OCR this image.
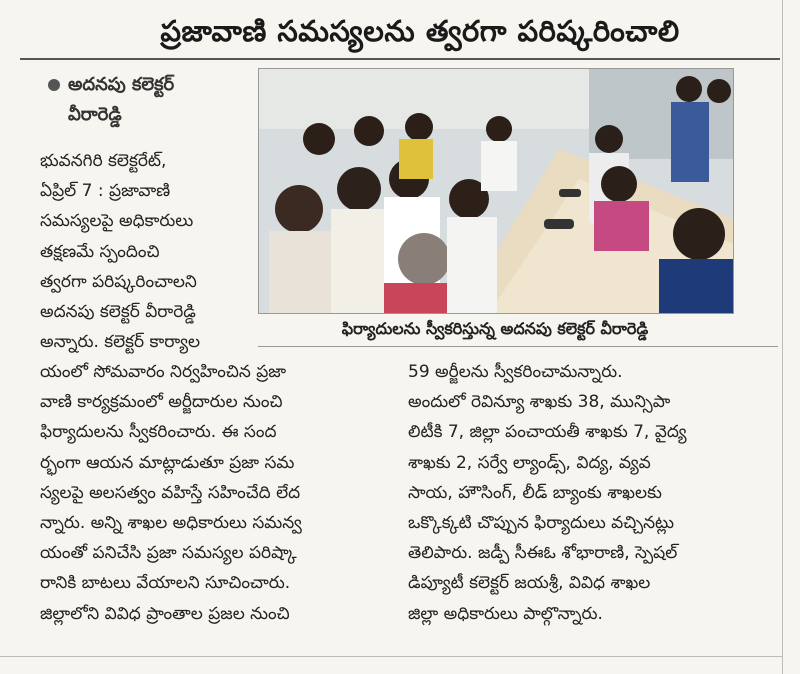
ప్రజావాణి సమస్యలను త్వరగా పరిష్కరించాలి
అదనపు కలెక్టర్
వీరారెడ్డి
భువనగిరి కలెక్టరేట్,
ఏప్రిల్ 7 : ప్రజావాణి
సమస్యలపై అధికారులు
తక్షణమే స్పందించి
త్వరగా పరిష్కరించాలని
అదనపు కలెక్టర్ వీరారెడ్డి
అన్నారు. కలెక్టర్ కార్యాల
ఫిర్యాదులను స్వీకరిస్తున్న అదనపు కలెక్టర్ వీరారెడ్డి
యంలో సోమవారం నిర్వహించిన ప్రజా
వాణి కార్యక్రమంలో అర్జీదారుల నుంచి
ఫిర్యాదులను స్వీకరించారు. ఈ సంద
ర్భంగా ఆయన మాట్లాడుతూ ప్రజా సమ
స్యలపై అలసత్వం వహిస్తే సహించేది లేద
న్నారు. అన్ని శాఖల అధికారులు సమన్వ
యంతో పనిచేసి ప్రజా సమస్యల పరిష్కా
రానికి బాటలు వేయాలని సూచించారు.
జిల్లాలోని వివిధ ప్రాంతాల ప్రజల నుంచి
59 అర్జీలను స్వీకరించామన్నారు.
అందులో రెవిన్యూ శాఖకు 38, మున్సిపా
లిటీకి 7, జిల్లా పంచాయతీ శాఖకు 7, వైద్య
శాఖకు 2, సర్వే ల్యాండ్స్, విద్య, వ్యవ
సాయ, హౌసింగ్, లీడ్ బ్యాంకు శాఖలకు
ఒక్కొక్కటి చొప్పున ఫిర్యాదులు వచ్చినట్లు
తెలిపారు. జడ్పీ సీఈఓ శోభారాణి, స్పెషల్
డిప్యూటీ కలెక్టర్ జయశ్రీ, వివిధ శాఖల
జిల్లా అధికారులు పాల్గొన్నారు.
